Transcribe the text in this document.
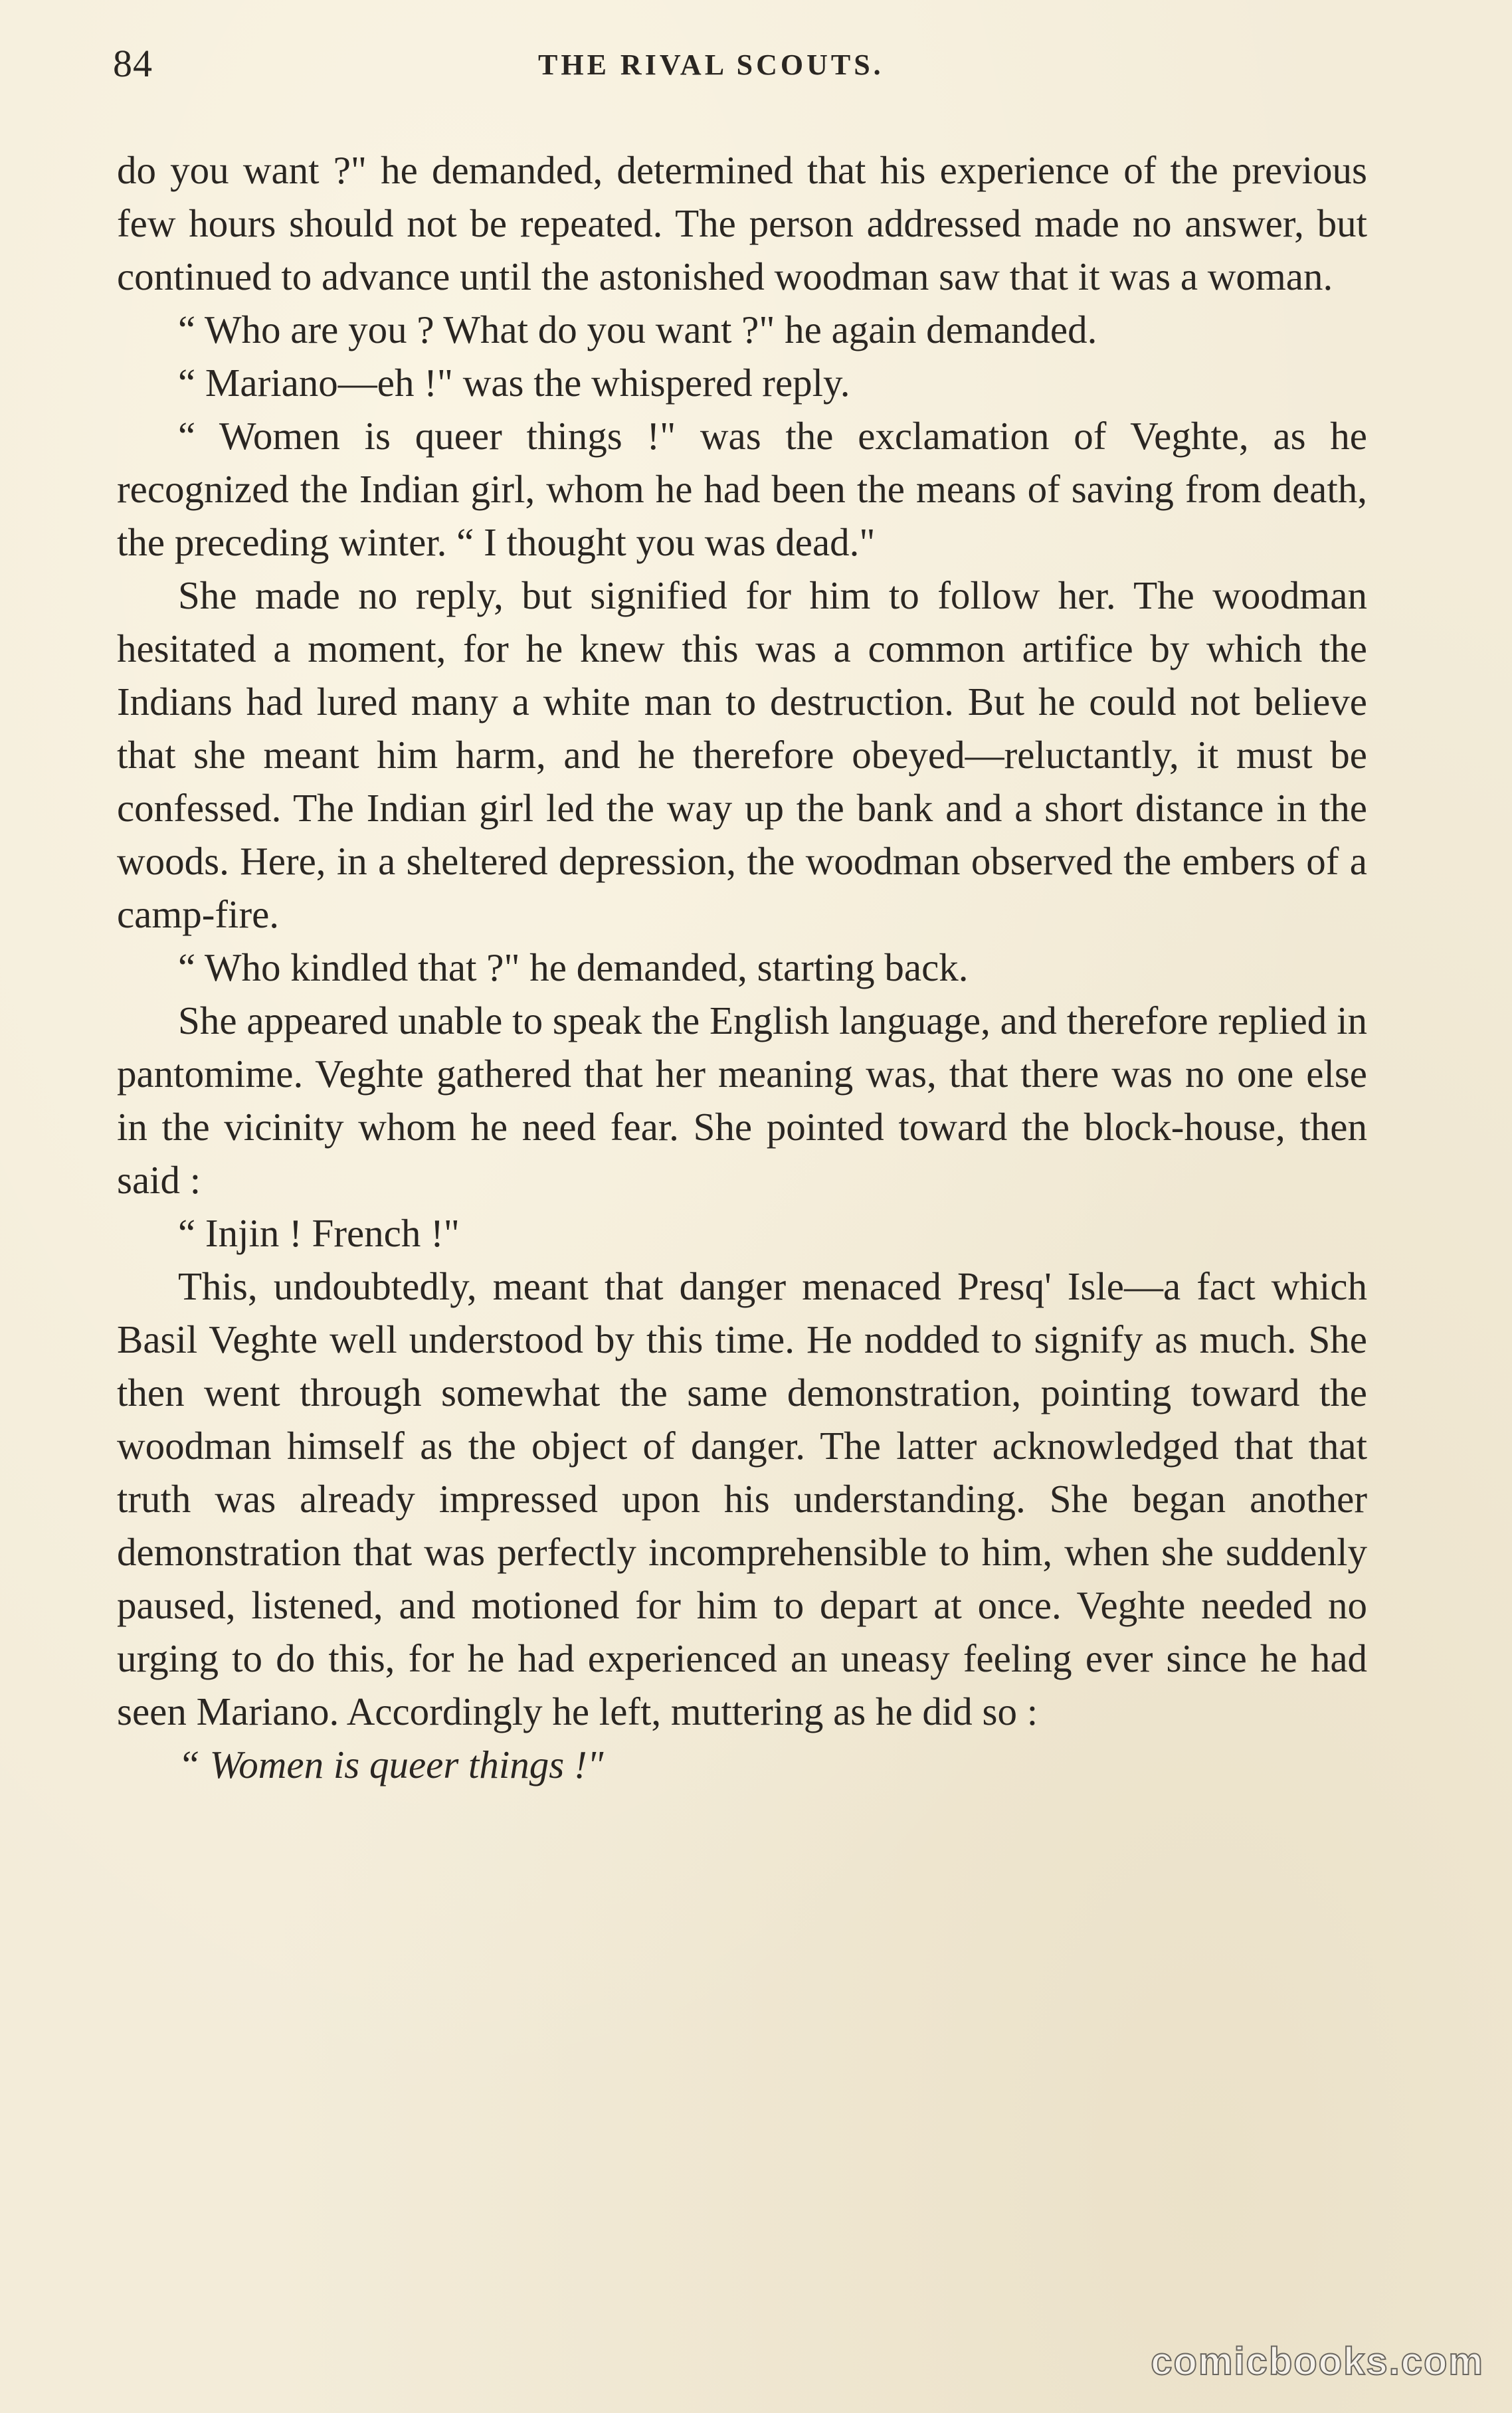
84	THE RIVAL SCOUTS.

do you want ?" he demanded, determined that his experience of the previous few hours should not be repeated. The person addressed made no answer, but continued to advance until the astonished woodman saw that it was a woman.

“ Who are you ? What do you want ?" he again demanded.

“ Mariano—eh !" was the whispered reply.

“ Women is queer things !" was the exclamation of Veghte, as he recognized the Indian girl, whom he had been the means of saving from death, the preceding winter. “ I thought you was dead."

She made no reply, but signified for him to follow her. The woodman hesitated a moment, for he knew this was a common artifice by which the Indians had lured many a white man to destruction. But he could not believe that she meant him harm, and he therefore obeyed—reluctantly, it must be confessed. The Indian girl led the way up the bank and a short distance in the woods. Here, in a sheltered depression, the woodman observed the embers of a camp-fire.

“ Who kindled that ?" he demanded, starting back.

She appeared unable to speak the English language, and therefore replied in pantomime. Veghte gathered that her meaning was, that there was no one else in the vicinity whom he need fear. She pointed toward the block-house, then said :

“ Injin ! French !"

This, undoubtedly, meant that danger menaced Presq' Isle—a fact which Basil Veghte well understood by this time. He nodded to signify as much. She then went through somewhat the same demonstration, pointing toward the woodman himself as the object of danger. The latter acknowledged that that truth was already impressed upon his understanding. She began another demonstration that was perfectly incomprehensible to him, when she suddenly paused, listened, and motioned for him to depart at once. Veghte needed no urging to do this, for he had experienced an uneasy feeling ever since he had seen Mariano. Accordingly he left, muttering as he did so :

“ Women is queer things !"

comicbooks.com
